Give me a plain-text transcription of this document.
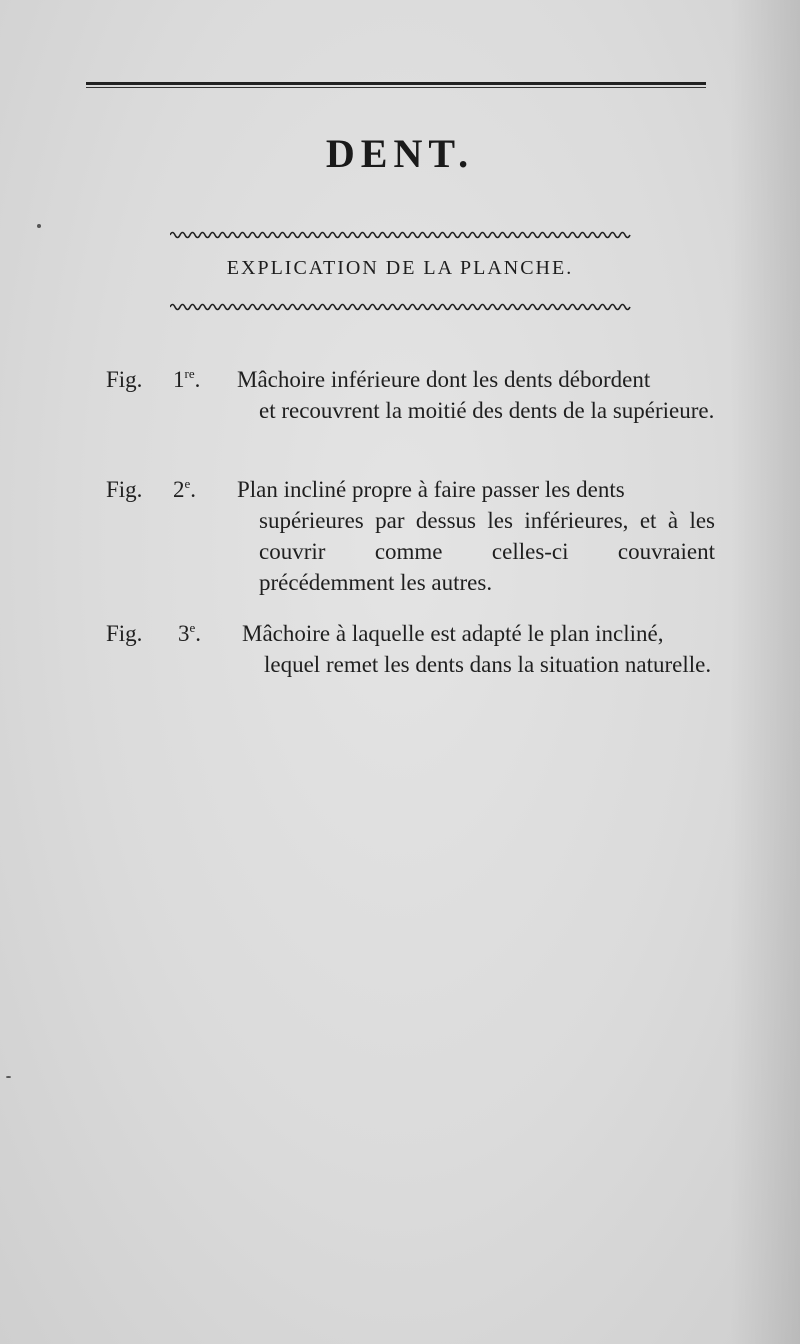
DENT.
EXPLICATION DE LA PLANCHE.
Fig. 1re. Mâchoire inférieure dont les dents débordent
et recouvrent la moitié des dents de la supérieure.
Fig. 2e. Plan incliné propre à faire passer les dents
supérieures par dessus les inférieures, et à les couvrir comme celles-ci couvraient précédemment les autres.
Fig. 3e. Mâchoire à laquelle est adapté le plan incliné,
lequel remet les dents dans la situation naturelle.
